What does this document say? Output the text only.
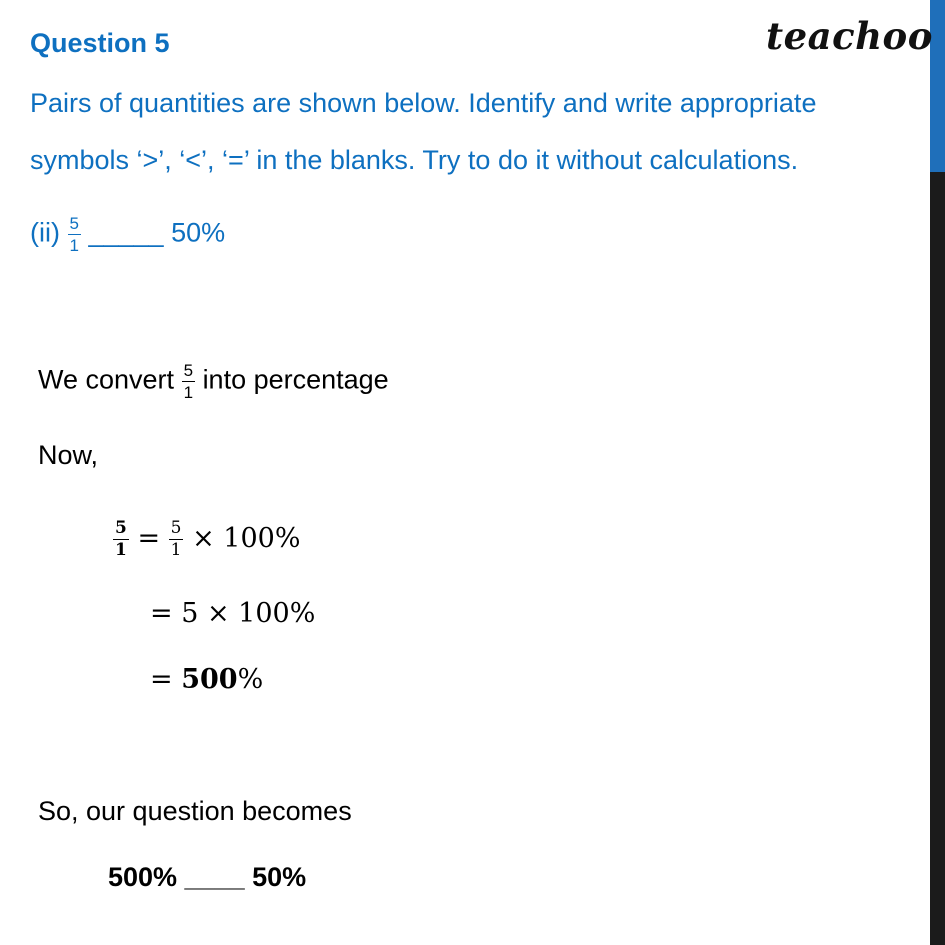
teachoo
Question 5
Pairs of quantities are shown below. Identify and write appropriate
symbols ‘>’, ‘<’, ‘=’ in the blanks. Try to do it without calculations.
$(ii) \frac{5}{1}$ _____ 50%
We convert $\frac{5}{1}$ into percentage
Now,
$\frac{5}{1} = \frac{5}{1} \times 100\%$
= 5 × 100%
= 500%
So, our question becomes
500% ____ 50%
